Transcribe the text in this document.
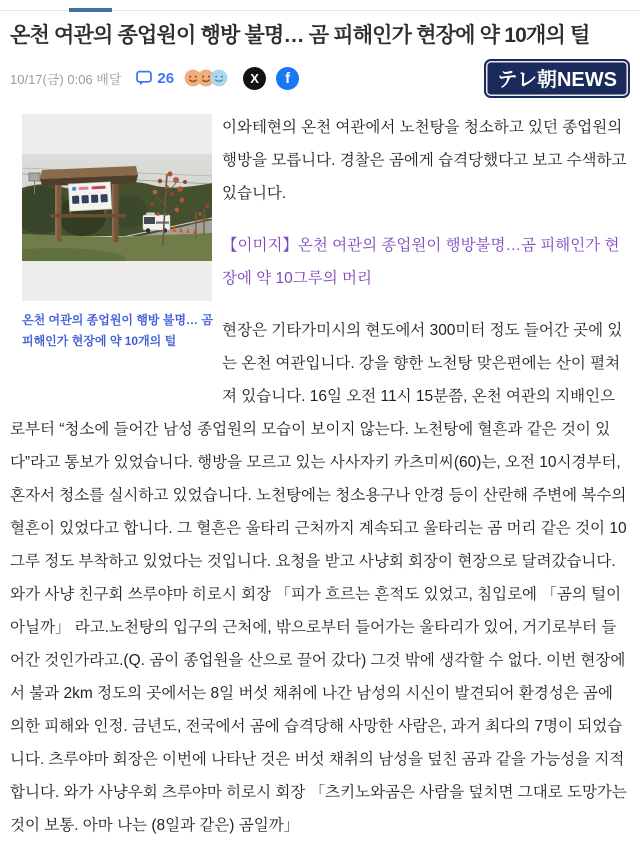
온천 여관의 종업원이 행방 불명… 곰 피해인가 현장에 약 10개의 털
10/17(금) 0:06 배달 26	X f	テレ朝NEWS
온천 여관의 종업원이 행방 불명… 곰 피해인가 현장에 약 10개의 털

이와테현의 온천 여관에서 노천탕을 청소하고 있던 종업원의 행방을 모릅니다. 경찰은 곰에게 습격당했다고 보고 수색하고 있습니다.

【이미지】온천 여관의 종업원이 행방불명…곰 피해인가 현장에 약 10그루의 머리

현장은 기타가미시의 현도에서 300미터 정도 들어간 곳에 있는 온천 여관입니다. 강을 향한 노천탕 맞은편에는 산이 펼쳐져 있습니다. 16일 오전 11시 15분쯤, 온천 여관의 지배인으로부터 “청소에 들어간 남성 종업원의 모습이 보이지 않는다. 노천탕에 혈흔과 같은 것이 있다”라고 통보가 있었습니다. 행방을 모르고 있는 사사자키 카츠미씨(60)는, 오전 10시경부터, 혼자서 청소를 실시하고 있었습니다. 노천탕에는 청소용구나 안경 등이 산란해 주변에 복수의 혈흔이 있었다고 합니다. 그 혈흔은 울타리 근처까지 계속되고 울타리는 곰 머리 같은 것이 10 그루 정도 부착하고 있었다는 것입니다. 요청을 받고 사냥회 회장이 현장으로 달려갔습니다. 와가 사냥 친구회 쓰루야마 히로시 회장 「피가 흐르는 흔적도 있었고, 침입로에 「곰의 털이 아닐까」 라고.노천탕의 입구의 근처에, 밖으로부터 들어가는 울타리가 있어, 거기로부터 들어간 것인가라고.(Q. 곰이 종업원을 산으로 끌어 갔다) 그것 밖에 생각할 수 없다. 이번 현장에서 불과 2km 정도의 곳에서는 8일 버섯 채취에 나간 남성의 시신이 발견되어 환경성은 곰에 의한 피해와 인정. 금년도, 전국에서 곰에 습격당해 사망한 사람은, 과거 최다의 7명이 되었습니다. 츠루야마 회장은 이번에 나타난 것은 버섯 채취의 남성을 덮친 곰과 같을 가능성을 지적합니다. 와가 사냥우회 츠루야마 히로시 회장 「츠키노와곰은 사람을 덮치면 그대로 도망가는 것이 보통. 아마 나는 (8일과 같은) 곰일까」
